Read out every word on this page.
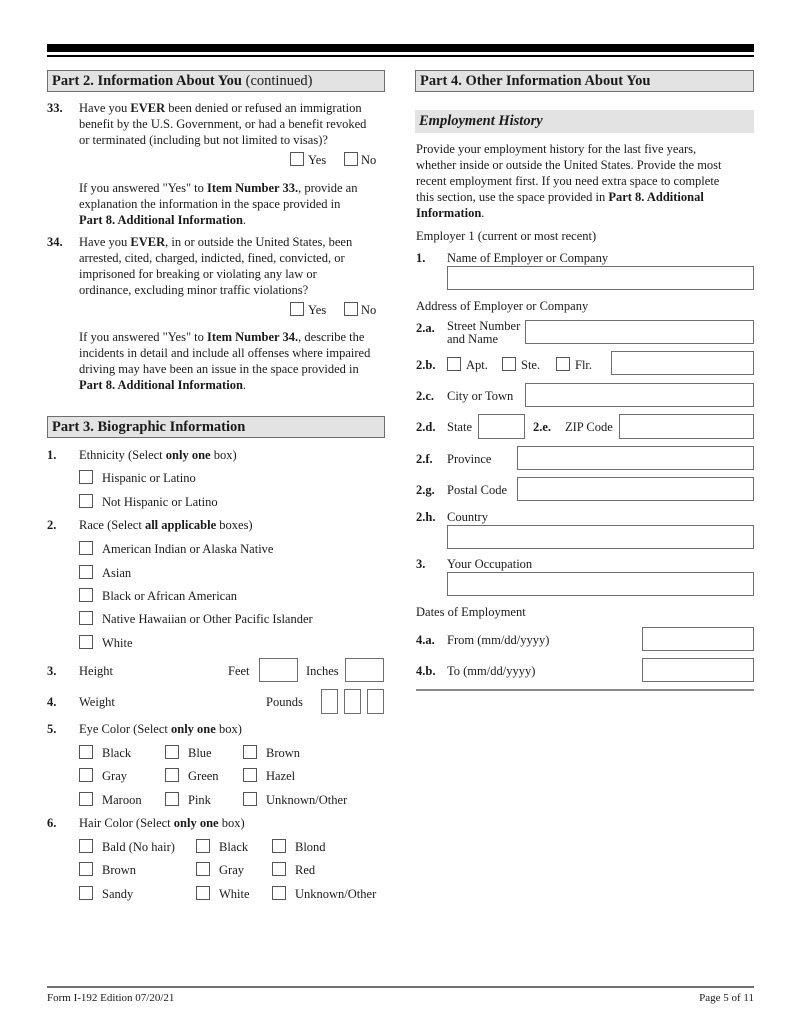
Part 2. Information About You (continued)
33. Have you EVER been denied or refused an immigration
benefit by the U.S. Government, or had a benefit revoked
or terminated (including but not limited to visas)?
Yes	No
If you answered "Yes" to Item Number 33., provide an
explanation the information in the space provided in
Part 8. Additional Information.
34. Have you EVER, in or outside the United States, been
arrested, cited, charged, indicted, fined, convicted, or
imprisoned for breaking or violating any law or
ordinance, excluding minor traffic violations?
Yes	No
If you answered "Yes" to Item Number 34., describe the
incidents in detail and include all offenses where impaired
driving may have been an issue in the space provided in
Part 8. Additional Information.
Part 3. Biographic Information
1. Ethnicity (Select only one box)
Hispanic or Latino
Not Hispanic or Latino
2. Race (Select all applicable boxes)
American Indian or Alaska Native
Asian
Black or African American
Native Hawaiian or Other Pacific Islander
White
3. Height	Feet	Inches
4. Weight	Pounds
5. Eye Color (Select only one box)
Black	Blue	Brown
Gray	Green	Hazel
Maroon	Pink	Unknown/Other
6. Hair Color (Select only one box)
Bald (No hair)	Black	Blond
Brown	Gray	Red
Sandy	White	Unknown/Other
Part 4. Other Information About You
Employment History
Provide your employment history for the last five years,
whether inside or outside the United States. Provide the most
recent employment first. If you need extra space to complete
this section, use the space provided in Part 8. Additional
Information.
Employer 1 (current or most recent)
1. Name of Employer or Company
Address of Employer or Company
2.a. Street Number
and Name
2.b.	Apt.	Ste.	Flr.
2.c. City or Town
2.d. State	2.e. ZIP Code
2.f. Province
2.g. Postal Code
2.h. Country
3. Your Occupation
Dates of Employment
4.a. From (mm/dd/yyyy)
4.b. To (mm/dd/yyyy)
Form I-192 Edition 07/20/21	Page 5 of 11
